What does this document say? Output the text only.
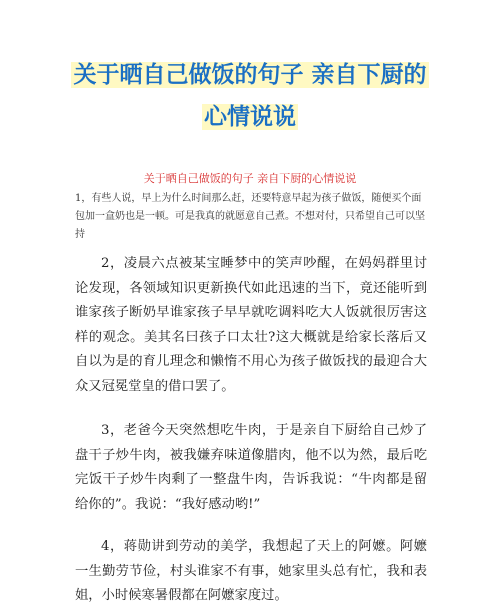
关于晒自己做饭的句子 亲自下厨的
心情说说
关于晒自己做饭的句子 亲自下厨的心情说说
1，有些人说，早上为什么时间那么赶，还要特意早起为孩子做饭，随便买个面包加一盒奶也是一顿。可是我真的就愿意自己煮。不想对付，只希望自己可以坚持
2，凌晨六点被某宝睡梦中的笑声吵醒，在妈妈群里讨论发现，各领域知识更新换代如此迅速的当下，竟还能听到谁家孩子断奶早谁家孩子早早就吃调料吃大人饭就很厉害这样的观念。美其名曰孩子口太壮?这大概就是给家长落后又自以为是的育儿理念和懒惰不用心为孩子做饭找的最迎合大众又冠冕堂皇的借口罢了。
3，老爸今天突然想吃牛肉，于是亲自下厨给自己炒了盘干子炒牛肉，被我嫌弃味道像腊肉，他不以为然，最后吃完饭干子炒牛肉剩了一整盘牛肉，告诉我说：“牛肉都是留给你的”。我说：“我好感动哟!”
4，蒋勋讲到劳动的美学，我想起了天上的阿嬷。阿嬷一生勤劳节俭，村头谁家不有事，她家里头总有忙，我和表姐，小时候寒暑假都在阿嬷家度过。
